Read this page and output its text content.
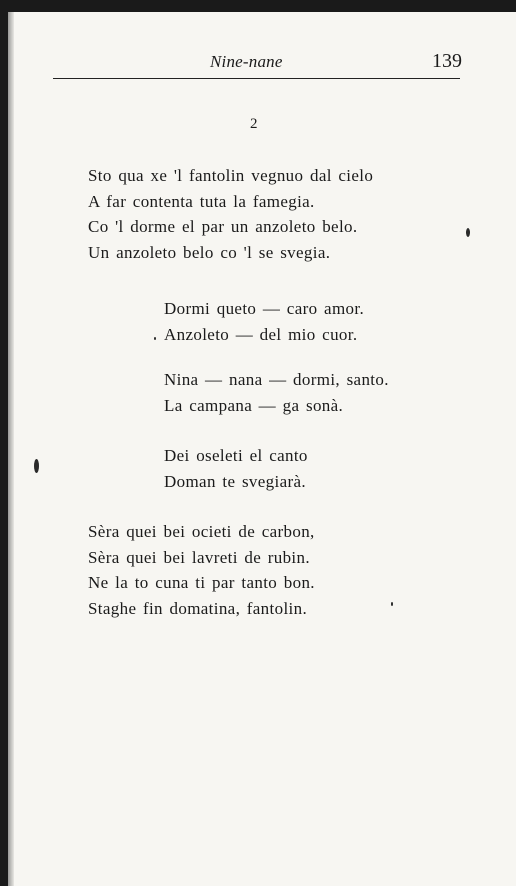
Nine-nane	139
2
Sto qua xe 'l fantolin vegnuo dal cielo
A far contenta tuta la famegia.
Co 'l dorme el par un anzoleto belo.
Un anzoleto belo co 'l se svegia.
Dormi queto — caro amor.
Anzoleto — del mio cuor.
Nina — nana — dormi, santo.
La campana — ga sonà.
Dei oseleti el canto
Doman te svegiarà.
Sèra quei bei ocieti de carbon,
Sèra quei bei lavreti de rubin.
Ne la to cuna ti par tanto bon.
Staghe fin domatina, fantolin.
